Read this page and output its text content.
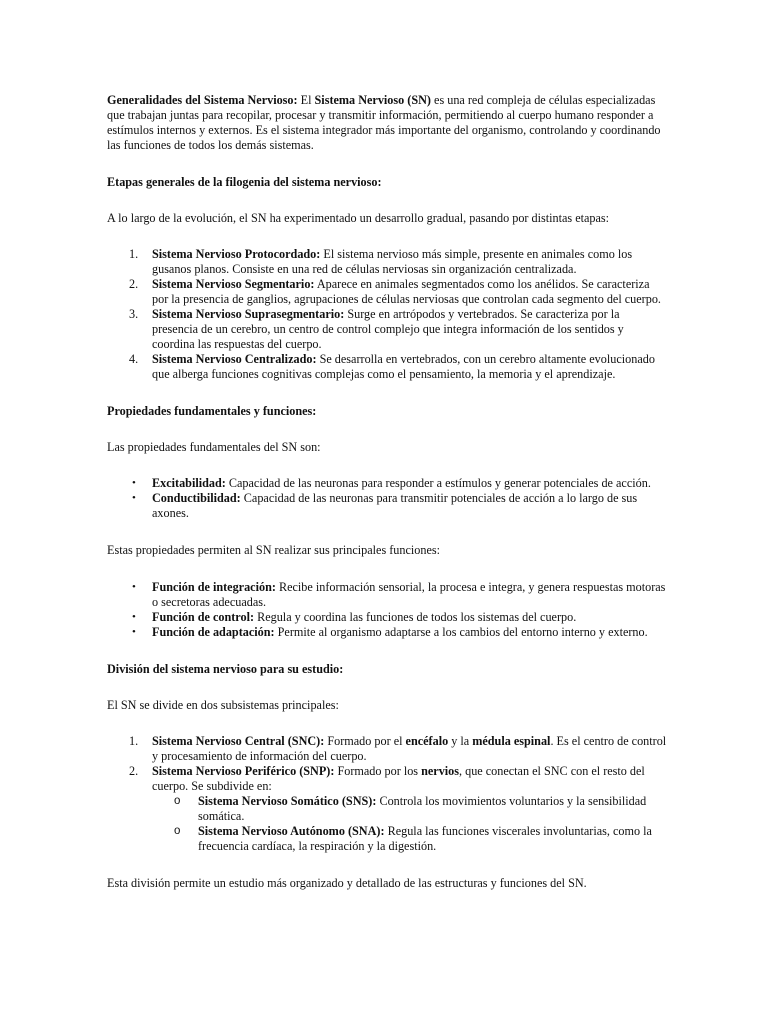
Generalidades del Sistema Nervioso: El Sistema Nervioso (SN) es una red compleja de células especializadas que trabajan juntas para recopilar, procesar y transmitir información, permitiendo al cuerpo humano responder a estímulos internos y externos. Es el sistema integrador más importante del organismo, controlando y coordinando las funciones de todos los demás sistemas.

Etapas generales de la filogenia del sistema nervioso:

A lo largo de la evolución, el SN ha experimentado un desarrollo gradual, pasando por distintas etapas:

1.	Sistema Nervioso Protocordado: El sistema nervioso más simple, presente en animales como los gusanos planos. Consiste en una red de células nerviosas sin organización centralizada.
2.	Sistema Nervioso Segmentario: Aparece en animales segmentados como los anélidos. Se caracteriza por la presencia de ganglios, agrupaciones de células nerviosas que controlan cada segmento del cuerpo.
3.	Sistema Nervioso Suprasegmentario: Surge en artrópodos y vertebrados. Se caracteriza por la presencia de un cerebro, un centro de control complejo que integra información de los sentidos y coordina las respuestas del cuerpo.
4.	Sistema Nervioso Centralizado: Se desarrolla en vertebrados, con un cerebro altamente evolucionado que alberga funciones cognitivas complejas como el pensamiento, la memoria y el aprendizaje.

Propiedades fundamentales y funciones:

Las propiedades fundamentales del SN son:

• Excitabilidad: Capacidad de las neuronas para responder a estímulos y generar potenciales de acción.
• Conductibilidad: Capacidad de las neuronas para transmitir potenciales de acción a lo largo de sus axones.

Estas propiedades permiten al SN realizar sus principales funciones:

• Función de integración: Recibe información sensorial, la procesa e integra, y genera respuestas motoras o secretoras adecuadas.
• Función de control: Regula y coordina las funciones de todos los sistemas del cuerpo.
• Función de adaptación: Permite al organismo adaptarse a los cambios del entorno interno y externo.

División del sistema nervioso para su estudio:

El SN se divide en dos subsistemas principales:

1.	Sistema Nervioso Central (SNC): Formado por el encéfalo y la médula espinal. Es el centro de control y procesamiento de información del cuerpo.
2.	Sistema Nervioso Periférico (SNP): Formado por los nervios, que conectan el SNC con el resto del cuerpo. Se subdivide en:
o Sistema Nervioso Somático (SNS): Controla los movimientos voluntarios y la sensibilidad somática.
o Sistema Nervioso Autónomo (SNA): Regula las funciones viscerales involuntarias, como la frecuencia cardíaca, la respiración y la digestión.

Esta división permite un estudio más organizado y detallado de las estructuras y funciones del SN.
